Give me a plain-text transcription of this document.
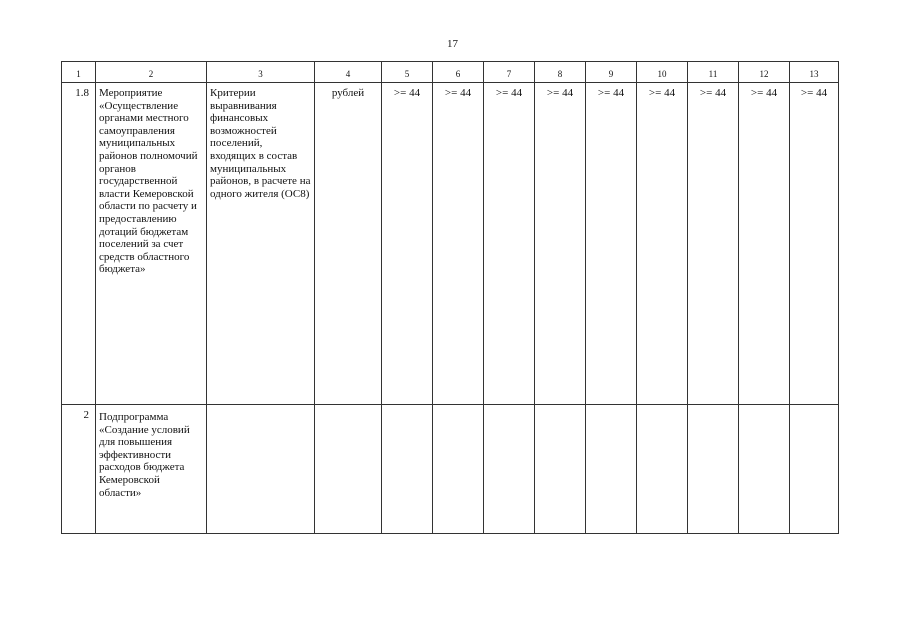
17
1	2	3	4	5	6	7	8	9	10	11	12	13
1.8	Мероприятие «Осуществление органами местного самоуправления муниципальных районов полномочий органов государственной власти Кемеровской области по расчету и предоставлению дотаций бюджетам поселений за счет средств областного бюджета»	Критерии выравнивания финансовых возможностей поселений, входящих в состав муниципальных районов, в расчете на одного жителя (ОС8)	рублей	>= 44	>= 44	>= 44	>= 44	>= 44	>= 44	>= 44	>= 44	>= 44
2	Подпрограмма «Создание условий для повышения эффективности расходов бюджета Кемеровской области»											
